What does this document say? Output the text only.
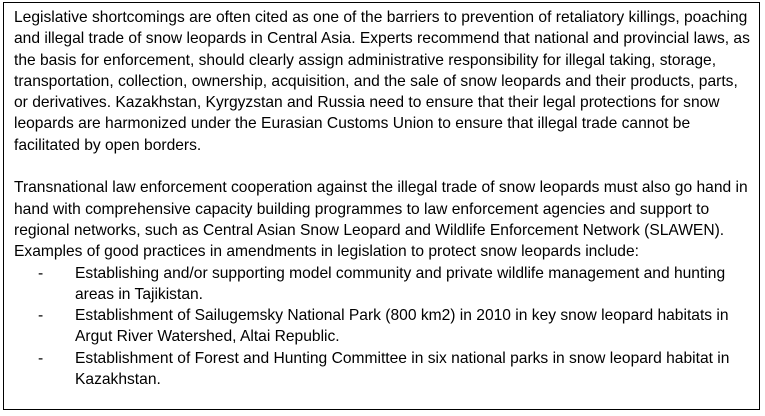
Legislative shortcomings are often cited as one of the barriers to prevention of retaliatory killings, poaching and illegal trade of snow leopards in Central Asia. Experts recommend that national and provincial laws, as the basis for enforcement, should clearly assign administrative responsibility for illegal taking, storage, transportation, collection, ownership, acquisition, and the sale of snow leopards and their products, parts, or derivatives. Kazakhstan, Kyrgyzstan and Russia need to ensure that their legal protections for snow leopards are harmonized under the Eurasian Customs Union to ensure that illegal trade cannot be facilitated by open borders.

Transnational law enforcement cooperation against the illegal trade of snow leopards must also go hand in hand with comprehensive capacity building programmes to law enforcement agencies and support to regional networks, such as Central Asian Snow Leopard and Wildlife Enforcement Network (SLAWEN).

Examples of good practices in amendments in legislation to protect snow leopards include:

- Establishing and/or supporting model community and private wildlife management and hunting areas in Tajikistan.
- Establishment of Sailugemsky National Park (800 km2) in 2010 in key snow leopard habitats in Argut River Watershed, Altai Republic.
- Establishment of Forest and Hunting Committee in six national parks in snow leopard habitat in Kazakhstan.
